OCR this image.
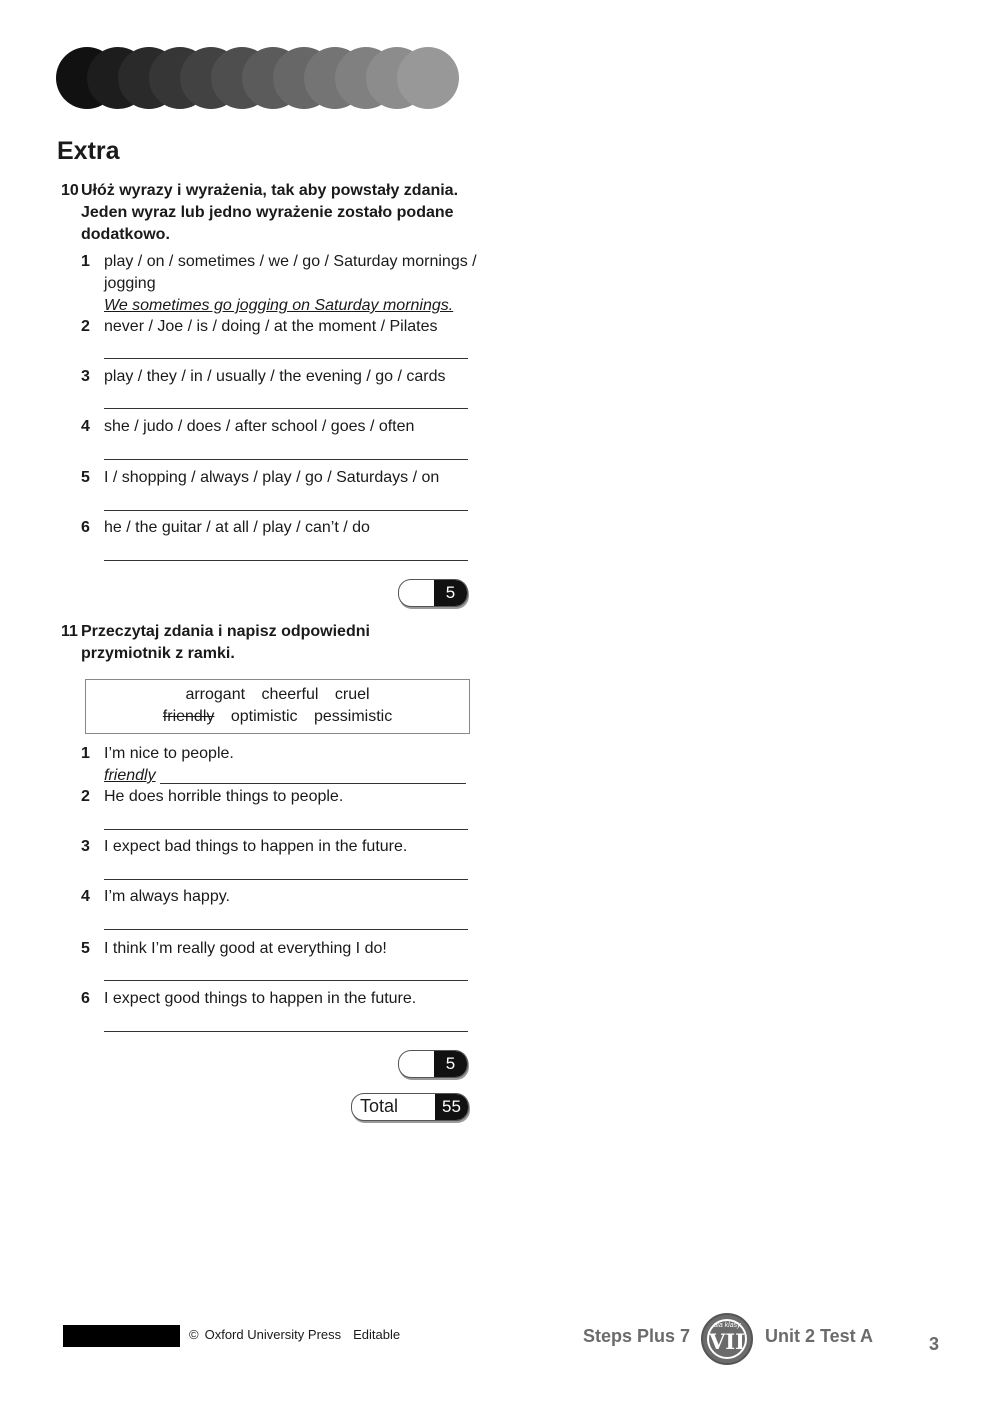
Extra
10 Ułóż wyrazy i wyrażenia, tak aby powstały zdania. Jeden wyraz lub jedno wyrażenie zostało podane dodatkowo.
1 play / on / sometimes / we / go / Saturday mornings / jogging
We sometimes go jogging on Saturday mornings.
2 never / Joe / is / doing / at the moment / Pilates
3 play / they / in / usually / the evening / go / cards
4 she / judo / does / after school / goes / often
5 I / shopping / always / play / go / Saturdays / on
6 he / the guitar / at all / play / can’t / do
5
11 Przeczytaj zdania i napisz odpowiedni przymiotnik z ramki.
arrogant cheerful cruel
friendly optimistic pessimistic
1 I’m nice to people.
friendly
2 He does horrible things to people.
3 I expect bad things to happen in the future.
4 I’m always happy.
5 I think I’m really good at everything I do!
6 I expect good things to happen in the future.
5
Total	55
© Oxford University Press Editable	Steps Plus 7
dla klasy
VII	Unit 2 Test A	3
